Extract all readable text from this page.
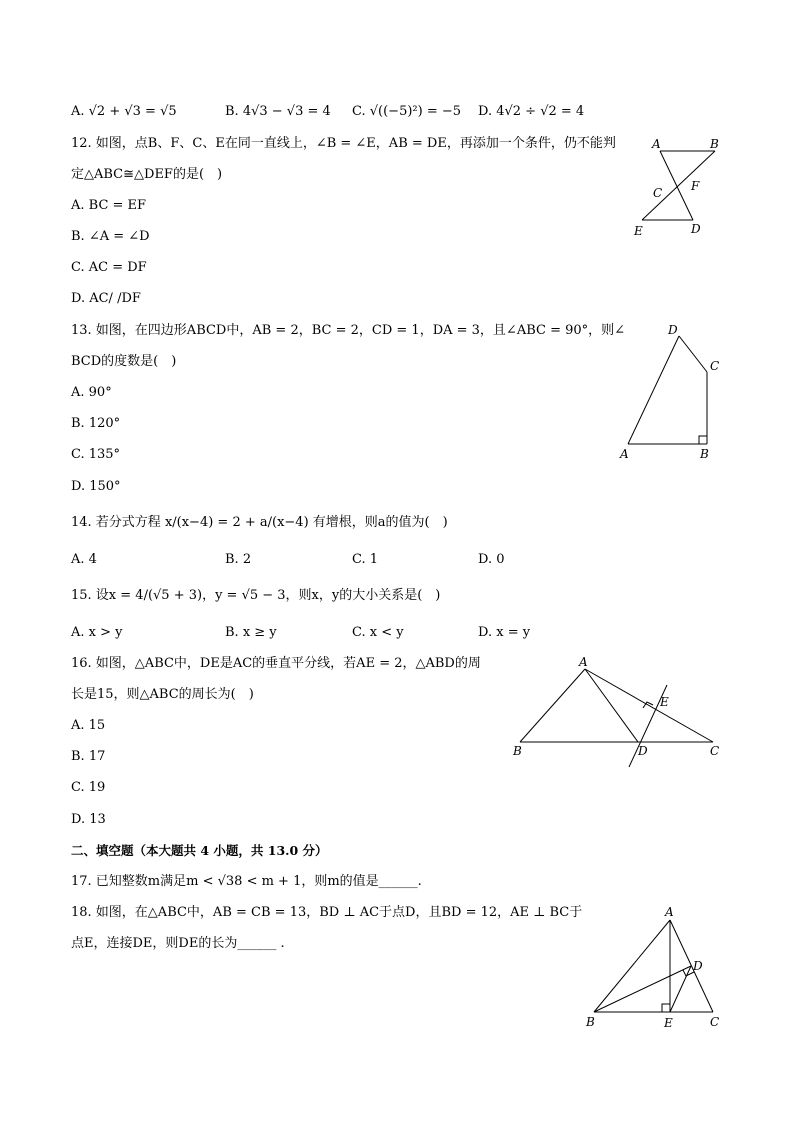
A. √2 + √3 = √5	B. 4√3 − √3 = 4 C. √((−5)²) = −5 D. 4√2 ÷ √2 = 4
12. 如图，点B、F、C、E在同一直线上，∠B = ∠E，AB = DE，再添加一个条件，仍不能判
定△ABC≅△DEF的是(　)
A. BC = EF
B. ∠A = ∠D
C. AC = DF
D. AC/ /DF
A	B
C F
E	D
13. 如图，在四边形ABCD中，AB = 2，BC = 2，CD = 1，DA = 3，且∠ABC = 90°，则∠
BCD的度数是(　)
A. 90°
B. 120°
C. 135°
D. 150°
D
C
A	B
14. 若分式方程 x/(x−4) = 2 + a/(x−4) 有增根，则a的值为(　)
A. 4	B. 2	C. 1	D. 0
15. 设x = 4/(√5 + 3)，y = √5 − 3，则x，y的大小关系是(　)
A. x > y	B. x ≥ y	C. x < y	D. x = y
16. 如图，△ABC中，DE是AC的垂直平分线，若AE = 2，△ABD的周
长是15，则△ABC的周长为(　)
A. 15
B. 17
C. 19
D. 13
A
E
B	D	C
二、填空题（本大题共 4 小题，共 13.0 分）
17. 已知整数m满足m < √38 < m + 1，则m的值是______.
18. 如图，在△ABC中，AB = CB = 13，BD ⊥ AC于点D，且BD = 12，AE ⊥ BC于
点E，连接DE，则DE的长为______ .
A
D
B	E	C
